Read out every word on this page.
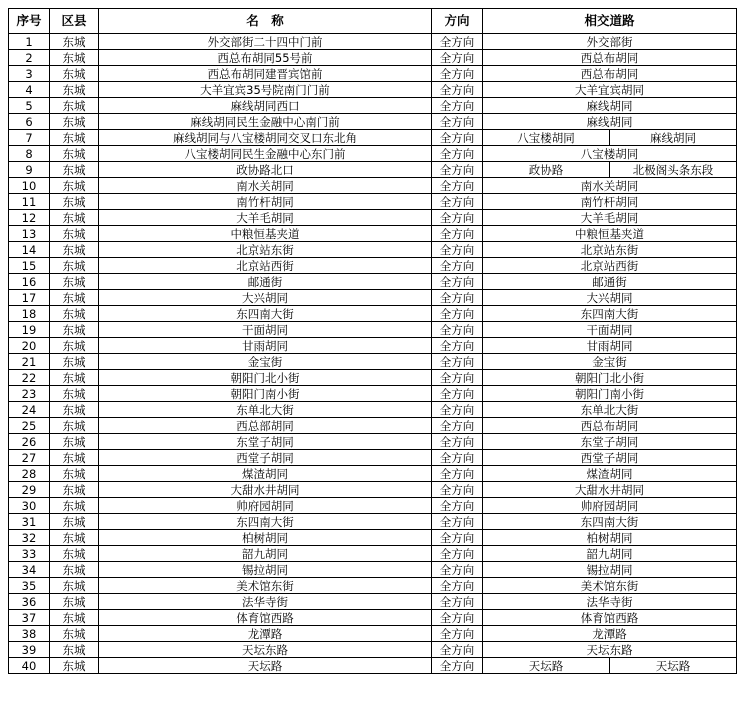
序号	区县	名　称	方向	相交道路	
1	东城	外交部街二十四中门前	全方向	外交部街	
2	东城	西总布胡同55号前	全方向	西总布胡同	
3	东城	西总布胡同建晋宾馆前	全方向	西总布胡同	
4	东城	大羊宜宾35号院南门门前	全方向	大羊宜宾胡同	
5	东城	麻线胡同西口	全方向	麻线胡同	
6	东城	麻线胡同民生金融中心南门前	全方向	麻线胡同	
7	东城	麻线胡同与八宝楼胡同交叉口东北角	全方向	八宝楼胡同	麻线胡同
8	东城	八宝楼胡同民生金融中心东门前	全方向	八宝楼胡同	
9	东城	政协路北口	全方向	政协路	北极阁头条东段
10	东城	南水关胡同	全方向	南水关胡同	
11	东城	南竹杆胡同	全方向	南竹杆胡同	
12	东城	大羊毛胡同	全方向	大羊毛胡同	
13	东城	中粮恒基夹道	全方向	中粮恒基夹道	
14	东城	北京站东街	全方向	北京站东街	
15	东城	北京站西街	全方向	北京站西街	
16	东城	邮通街	全方向	邮通街	
17	东城	大兴胡同	全方向	大兴胡同	
18	东城	东四南大街	全方向	东四南大街	
19	东城	干面胡同	全方向	干面胡同	
20	东城	甘雨胡同	全方向	甘雨胡同	
21	东城	金宝街	全方向	金宝街	
22	东城	朝阳门北小街	全方向	朝阳门北小街	
23	东城	朝阳门南小街	全方向	朝阳门南小街	
24	东城	东单北大街	全方向	东单北大街	
25	东城	西总部胡同	全方向	西总布胡同	
26	东城	东堂子胡同	全方向	东堂子胡同	
27	东城	西堂子胡同	全方向	西堂子胡同	
28	东城	煤渣胡同	全方向	煤渣胡同	
29	东城	大甜水井胡同	全方向	大甜水井胡同	
30	东城	帅府园胡同	全方向	帅府园胡同	
31	东城	东四南大街	全方向	东四南大街	
32	东城	柏树胡同	全方向	柏树胡同	
33	东城	韶九胡同	全方向	韶九胡同	
34	东城	锡拉胡同	全方向	锡拉胡同	
35	东城	美术馆东街	全方向	美术馆东街	
36	东城	法华寺街	全方向	法华寺街	
37	东城	体育馆西路	全方向	体育馆西路	
38	东城	龙潭路	全方向	龙潭路	
39	东城	天坛东路	全方向	天坛东路	
40	东城	天坛路	全方向	天坛路	天坛路
